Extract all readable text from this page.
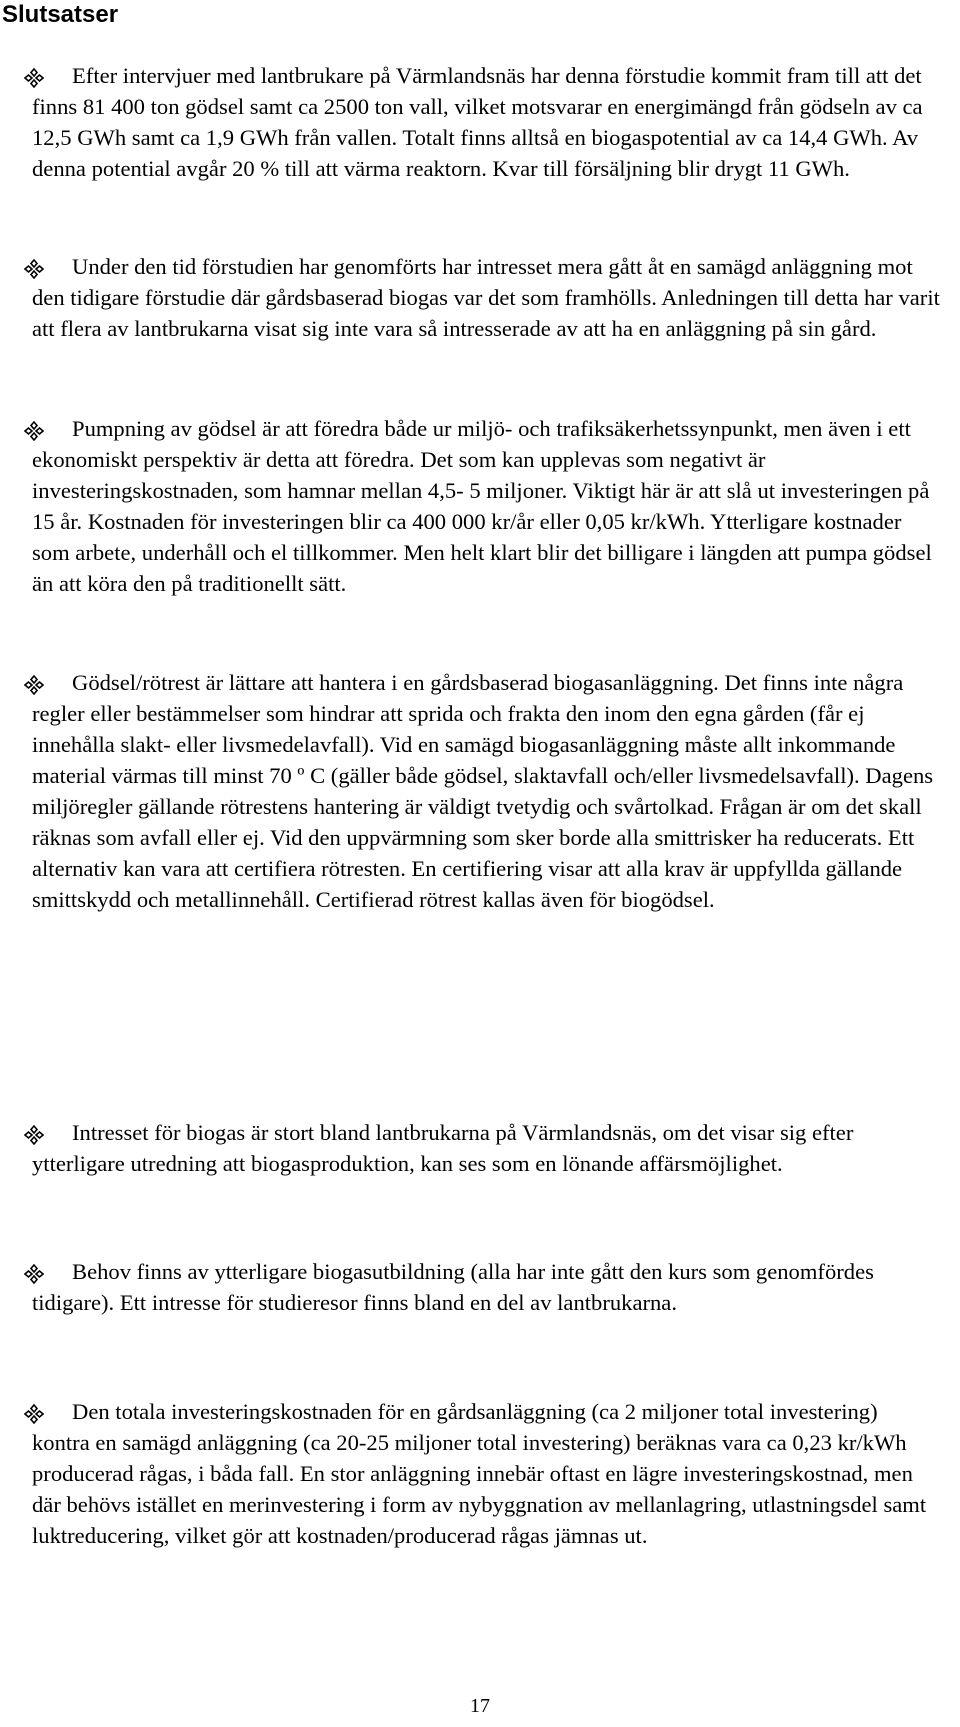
Slutsatser
Efter intervjuer med lantbrukare på Värmlandsnäs har denna förstudie kommit fram till att det finns 81 400 ton gödsel samt ca 2500 ton vall, vilket motsvarar en energimängd från gödseln av ca 12,5 GWh samt ca 1,9 GWh från vallen. Totalt finns alltså en biogaspotential av ca 14,4 GWh. Av denna potential avgår 20 % till att värma reaktorn. Kvar till försäljning blir drygt 11 GWh.
Under den tid förstudien har genomförts har intresset mera gått åt en samägd anläggning mot den tidigare förstudie där gårdsbaserad biogas var det som framhölls. Anledningen till detta har varit att flera av lantbrukarna visat sig inte vara så intresserade av att ha en anläggning på sin gård.
Pumpning av gödsel är att föredra både ur miljö- och trafiksäkerhetssynpunkt, men även i ett ekonomiskt perspektiv är detta att föredra. Det som kan upplevas som negativt är investeringskostnaden, som hamnar mellan 4,5- 5 miljoner. Viktigt här är att slå ut investeringen på 15 år. Kostnaden för investeringen blir ca 400 000 kr/år eller 0,05 kr/kWh. Ytterligare kostnader som arbete, underhåll och el tillkommer. Men helt klart blir det billigare i längden att pumpa gödsel än att köra den på traditionellt sätt.
Gödsel/rötrest är lättare att hantera i en gårdsbaserad biogasanläggning. Det finns inte några regler eller bestämmelser som hindrar att sprida och frakta den inom den egna gården (får ej innehålla slakt- eller livsmedelavfall). Vid en samägd biogasanläggning måste allt inkommande material värmas till minst 70 º C (gäller både gödsel, slaktavfall och/eller livsmedelsavfall). Dagens miljöregler gällande rötrestens hantering är väldigt tvetydig och svårtolkad. Frågan är om det skall räknas som avfall eller ej. Vid den uppvärmning som sker borde alla smittrisker ha reducerats. Ett alternativ kan vara att certifiera rötresten. En certifiering visar att alla krav är uppfyllda gällande smittskydd och metallinnehåll. Certifierad rötrest kallas även för biogödsel.
Intresset för biogas är stort bland lantbrukarna på Värmlandsnäs, om det visar sig efter ytterligare utredning att biogasproduktion, kan ses som en lönande affärsmöjlighet.
Behov finns av ytterligare biogasutbildning (alla har inte gått den kurs som genomfördes tidigare). Ett intresse för studieresor finns bland en del av lantbrukarna.
Den totala investeringskostnaden för en gårdsanläggning (ca 2 miljoner total investering) kontra en samägd anläggning (ca 20-25 miljoner total investering) beräknas vara ca 0,23 kr/kWh producerad rågas, i båda fall. En stor anläggning innebär oftast en lägre investeringskostnad, men där behövs istället en merinvestering i form av nybyggnation av mellanlagring, utlastningsdel samt luktreducering, vilket gör att kostnaden/producerad rågas jämnas ut.
17
